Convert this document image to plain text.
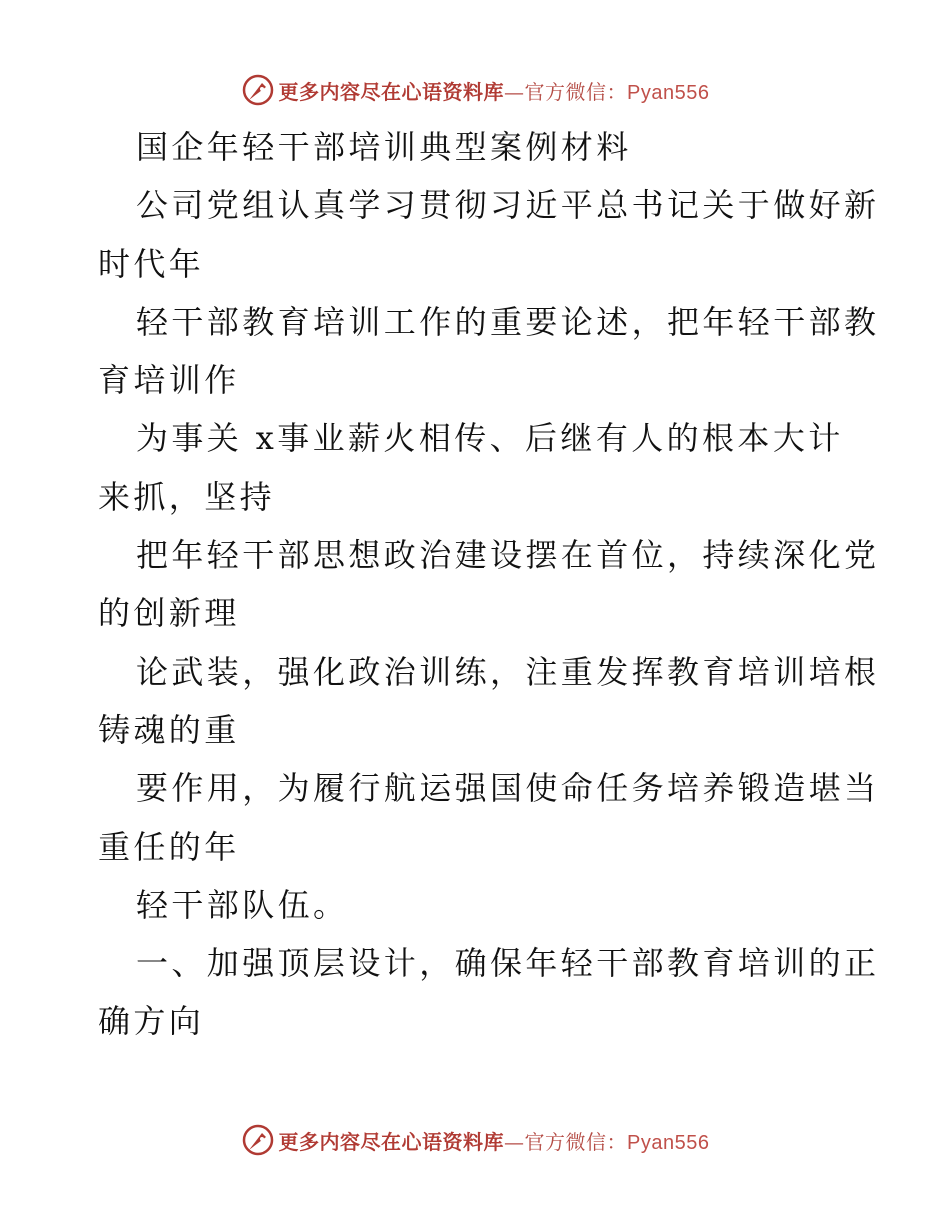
更多内容尽在心语资料库—官方微信：Pyan556
国企年轻干部培训典型案例材料
公司党组认真学习贯彻习近平总书记关于做好新
时代年
轻干部教育培训工作的重要论述，把年轻干部教
育培训作
为事关 x事业薪火相传、后继有人的根本大计
来抓，坚持
把年轻干部思想政治建设摆在首位，持续深化党
的创新理
论武装，强化政治训练，注重发挥教育培训培根
铸魂的重
要作用，为履行航运强国使命任务培养锻造堪当
重任的年
轻干部队伍。
一、加强顶层设计，确保年轻干部教育培训的正
确方向
更多内容尽在心语资料库—官方微信：Pyan556
